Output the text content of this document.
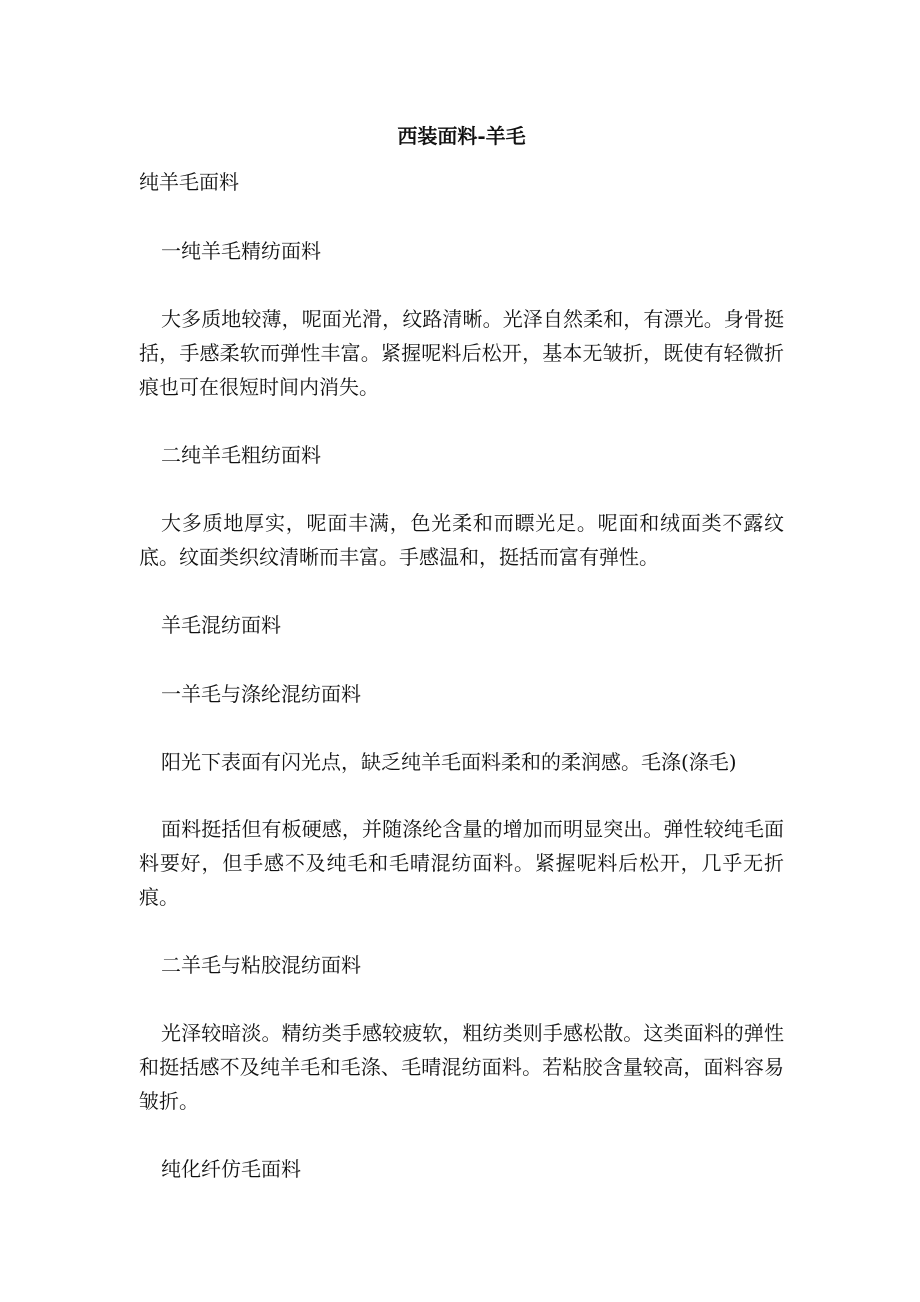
西装面料-羊毛
纯羊毛面料
一纯羊毛精纺面料
大多质地较薄，呢面光滑，纹路清晰。光泽自然柔和，有漂光。身骨挺括，手感柔软而弹性丰富。紧握呢料后松开，基本无皱折，既使有轻微折痕也可在很短时间内消失。
二纯羊毛粗纺面料
大多质地厚实，呢面丰满，色光柔和而瞟光足。呢面和绒面类不露纹底。纹面类织纹清晰而丰富。手感温和，挺括而富有弹性。
羊毛混纺面料
一羊毛与涤纶混纺面料
阳光下表面有闪光点，缺乏纯羊毛面料柔和的柔润感。毛涤(涤毛)
面料挺括但有板硬感，并随涤纶含量的增加而明显突出。弹性较纯毛面料要好，但手感不及纯毛和毛晴混纺面料。紧握呢料后松开，几乎无折痕。
二羊毛与粘胶混纺面料
光泽较暗淡。精纺类手感较疲软，粗纺类则手感松散。这类面料的弹性和挺括感不及纯羊毛和毛涤、毛晴混纺面料。若粘胶含量较高，面料容易皱折。
纯化纤仿毛面料
